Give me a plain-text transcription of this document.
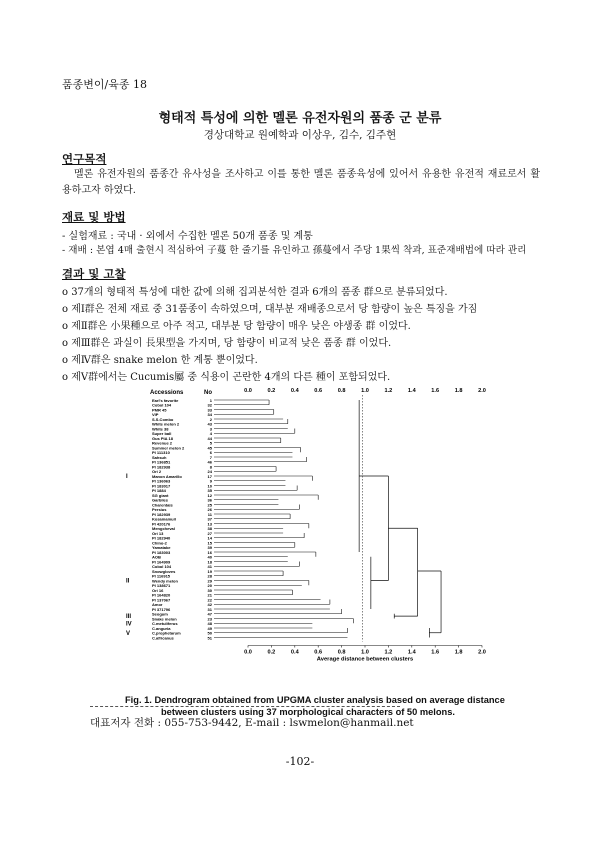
품종변이/육종 18
형태적 특성에 의한 멜론 유전자원의 품종 군 분류
경상대학교 원예학과 이상우, 김수, 김주현
연구목적
멜론 유전자원의 품종간 유사성을 조사하고 이를 통한 멜론 품종육성에 있어서 유용한 유전적 재료로서 활용하고자 하였다.
재료 및 방법
- 실험재료 : 국내 · 외에서 수집한 멜론 50개 품종 및 계통
- 재배 : 본엽 4매 출현시 적심하여 子蔓 한 줄기를 유인하고 孫蔓에서 주당 1果씩 착과, 표준재배법에 따라 관리
결과 및 고찰
o 37개의 형태적 특성에 대한 값에 의해 집괴분석한 결과 6개의 품종 群으로 분류되었다.
o 제Ⅰ群은 전체 재료 중 31품종이 속하였으며, 대부분 재배종으로서 당 함량이 높은 특징을 가짐
o 제Ⅱ群은 小果種으로 아주 적고, 대부분 당 함량이 매우 낮은 야생종 群 이었다.
o 제Ⅲ群은 과실이 長果型을 가지며, 당 함량이 비교적 낮은 품종 群 이었다.
o 제Ⅳ群은 snake melon 한 계통 뿐이었다.
o 제Ⅴ群에서는 Cucumis屬 중 식용이 곤란한 4개의 다른 種이 포함되었다.
Accessions	No	0.0	0.2	0.4	0.6	0.8	1.0	1.2	1.4	1.6	1.8	2.0
Earl's favorite	1
Cobol 104	32
PMR 45	33
VIP	34
S.S.Combo	2
White melon 2	43
White 38	3
Super ball	4
Gus PIA 18	44
Revenue 2	5
Summer melon 2	45
PI 111310	6
Sahsuh	7
PI 136851	46
PI 182938	8
Ori 2	24
Manon Amarillo	17
PI 136063	9
PI 183017	10
PI 1884	35
SG giant	12
Garbiles	36
Charentais	25
Persius	26
PI 182939	11
Kosamamuri	37
PI 420176	13
Mengcheval	38
Ori 13	27
PI 182940	14
Chino-2	15
Yamatake	39
PI 183003	16
AOB	40
PI 164909	18
Cobol 104	41
Snowgloves	19
PI 116915	28
Wendy melon	29
PI 138671	20
Ori 16	30
PI 164820	21
PI 137067	22
Amor	42
PI 371796	31
Seogum	47
Snake melon	23
C.metuliferus	48
C.anguria	49
C.prophetarum	50
C.africanus	51
I
II
III
IV
V
0.0	0.2	0.4	0.6	0.8	1.0	1.2	1.4	1.6	1.8	2.0
Average distance between clusters
Fig. 1. Dendrogram obtained from UPGMA cluster analysis based on average distance
between clusters using 37 morphological characters of 50 melons.
대표저자 전화 : 055-753-9442, E-mail : lswmelon@hanmail.net
-102-
